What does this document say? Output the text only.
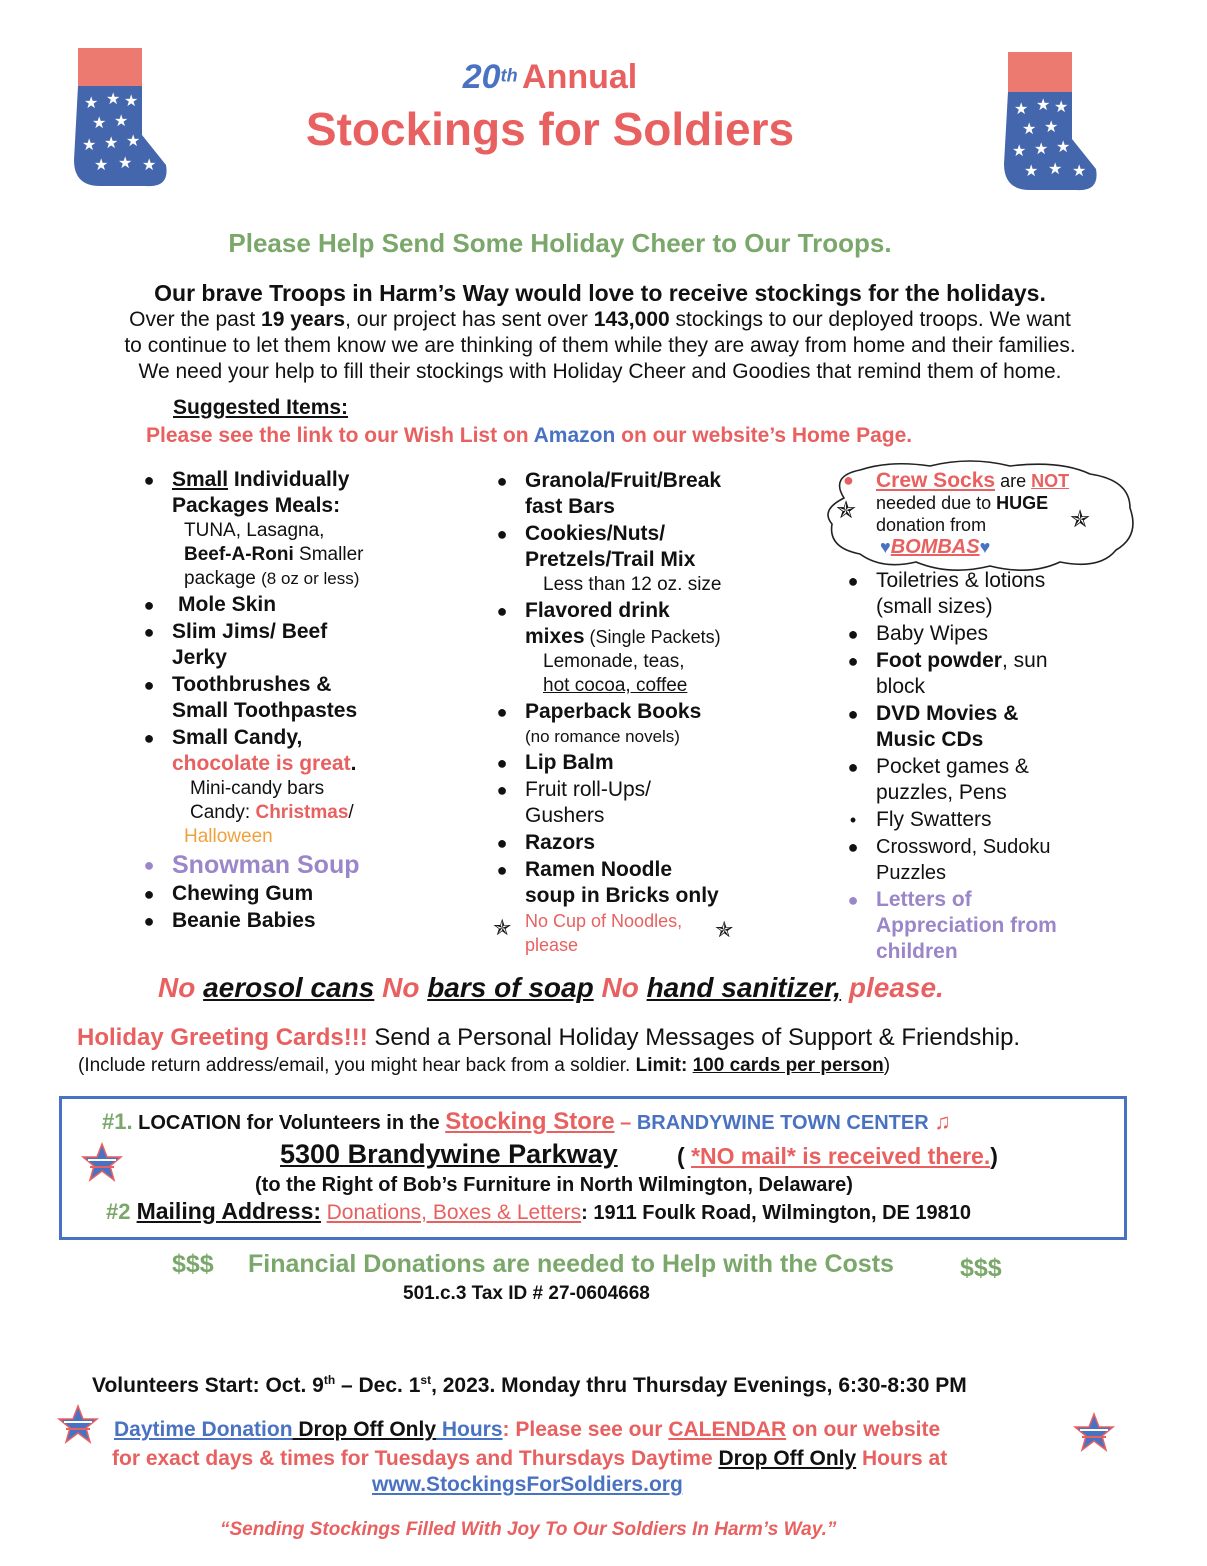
★ ★ ★
★ ★
★ ★ ★
★ ★ ★
★ ★ ★
★ ★
★ ★ ★
★ ★ ★
20th Annual
Stockings for Soldiers
Please Help Send Some Holiday Cheer to Our Troops.
Our brave Troops in Harm’s Way would love to receive stockings for the holidays.
Over the past 19 years, our project has sent over 143,000 stockings to our deployed troops. We want
to continue to let them know we are thinking of them while they are away from home and their families.
We need your help to fill their stockings with Holiday Cheer and Goodies that remind them of home.
Suggested Items:
Please see the link to our Wish List on Amazon on our website’s Home Page.
● Small Individually
Packages Meals:
TUNA, Lasagna,
Beef-A-Roni Smaller
package (8 oz or less)
● Mole Skin
● Slim Jims/ Beef
Jerky
● Toothbrushes &
Small Toothpastes
● Small Candy,
chocolate is great.
Mini-candy bars
Candy: Christmas/
Halloween
● Snowman Soup
● Chewing Gum
● Beanie Babies
● Granola/Fruit/Break
fast Bars
● Cookies/Nuts/
Pretzels/Trail Mix
Less than 12 oz. size
● Flavored drink
mixes (Single Packets)
Lemonade, teas,
hot cocoa, coffee
● Paperback Books
(no romance novels)
● Lip Balm
● Fruit roll-Ups/
Gushers
● Razors
● Ramen Noodle
soup in Bricks only
No Cup of Noodles,
please
✯	✯
● Crew Socks are NOT
needed due to HUGE
donation from
♥BOMBAS♥
✯	✯
● Toiletries & lotions
(small sizes)
● Baby Wipes
● Foot powder, sun
block
● DVD Movies &
Music CDs
● Pocket games &
puzzles, Pens
• Fly Swatters
● Crossword, Sudoku
Puzzles
● Letters of
Appreciation from
children
No aerosol cans No bars of soap No hand sanitizer, please.
Holiday Greeting Cards!!! Send a Personal Holiday Messages of Support & Friendship.
(Include return address/email, you might hear back from a soldier. Limit: 100 cards per person)
#1. LOCATION for Volunteers in the Stocking Store – BRANDYWINE TOWN CENTER ♫
5300 Brandywine Parkway	( *NO mail* is received there.)
(to the Right of Bob’s Furniture in North Wilmington, Delaware)
#2 Mailing Address: Donations, Boxes & Letters: 1911 Foulk Road, Wilmington, DE 19810
$$$ Financial Donations are needed to Help with the Costs	$$$
501.c.3 Tax ID # 27-0604668
Volunteers Start: Oct. 9th – Dec. 1st, 2023. Monday thru Thursday Evenings, 6:30-8:30 PM
Daytime Donation Drop Off Only Hours: Please see our CALENDAR on our website
for exact days & times for Tuesdays and Thursdays Daytime Drop Off Only Hours at
www.StockingsForSoldiers.org
“Sending Stockings Filled With Joy To Our Soldiers In Harm’s Way.”
